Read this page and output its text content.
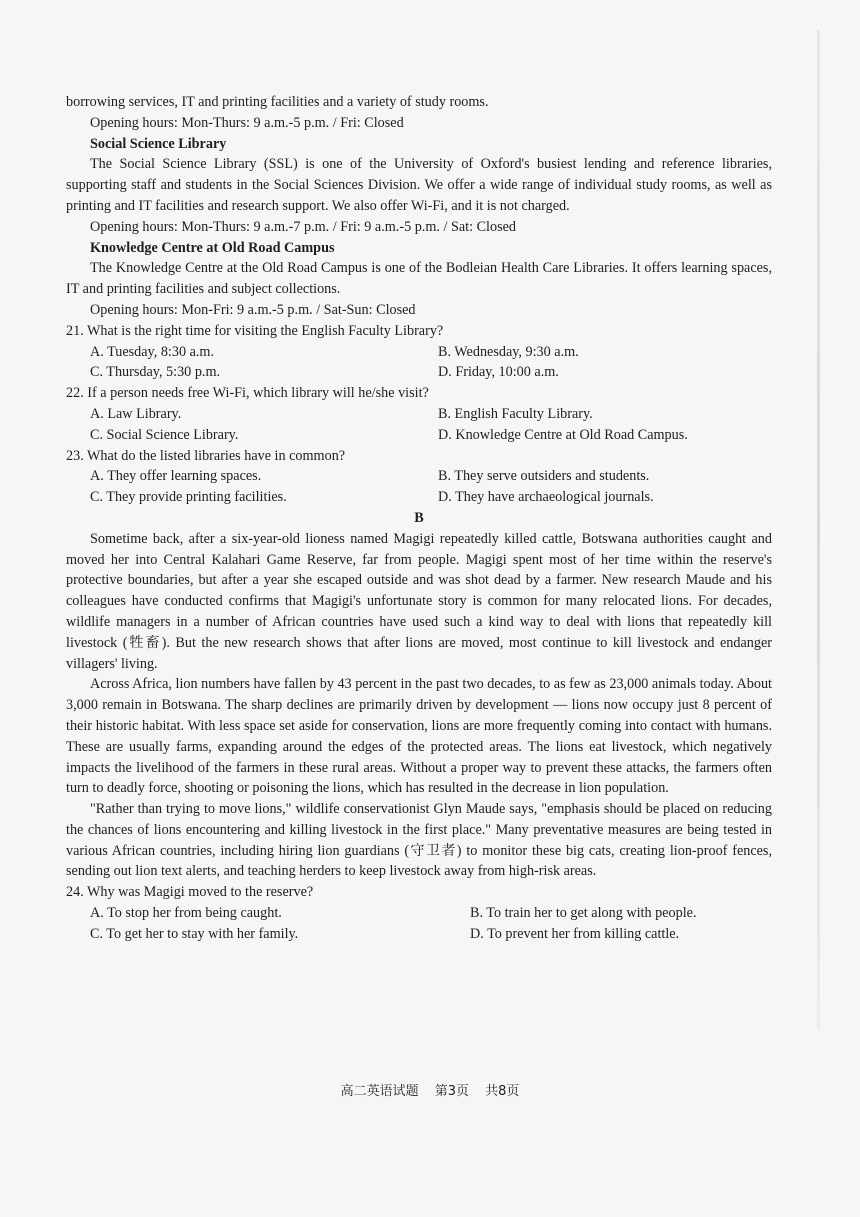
borrowing services, IT and printing facilities and a variety of study rooms.

Opening hours: Mon-Thurs: 9 a.m.-5 p.m. / Fri: Closed

Social Science Library

The Social Science Library (SSL) is one of the University of Oxford's busiest lending and reference libraries, supporting staff and students in the Social Sciences Division. We offer a wide range of individual study rooms, as well as printing and IT facilities and research support. We also offer Wi-Fi, and it is not charged.

Opening hours: Mon-Thurs: 9 a.m.-7 p.m. / Fri: 9 a.m.-5 p.m. / Sat: Closed

Knowledge Centre at Old Road Campus

The Knowledge Centre at the Old Road Campus is one of the Bodleian Health Care Libraries. It offers learning spaces, IT and printing facilities and subject collections.

Opening hours: Mon-Fri: 9 a.m.-5 p.m. / Sat-Sun: Closed

21. What is the right time for visiting the English Faculty Library?

A. Tuesday, 8:30 a.m.	B. Wednesday, 9:30 a.m.
C. Thursday, 5:30 p.m.	D. Friday, 10:00 a.m.

22. If a person needs free Wi-Fi, which library will he/she visit?

A. Law Library.	B. English Faculty Library.
C. Social Science Library.	D. Knowledge Centre at Old Road Campus.

23. What do the listed libraries have in common?

A. They offer learning spaces.	B. They serve outsiders and students.
C. They provide printing facilities.	D. They have archaeological journals.

B

Sometime back, after a six-year-old lioness named Magigi repeatedly killed cattle, Botswana authorities caught and moved her into Central Kalahari Game Reserve, far from people. Magigi spent most of her time within the reserve's protective boundaries, but after a year she escaped outside and was shot dead by a farmer. New research Maude and his colleagues have conducted confirms that Magigi's unfortunate story is common for many relocated lions. For decades, wildlife managers in a number of African countries have used such a kind way to deal with lions that repeatedly kill livestock (牲畜). But the new research shows that after lions are moved, most continue to kill livestock and endanger villagers' living.

Across Africa, lion numbers have fallen by 43 percent in the past two decades, to as few as 23,000 animals today. About 3,000 remain in Botswana. The sharp declines are primarily driven by development — lions now occupy just 8 percent of their historic habitat. With less space set aside for conservation, lions are more frequently coming into contact with humans. These are usually farms, expanding around the edges of the protected areas. The lions eat livestock, which negatively impacts the livelihood of the farmers in these rural areas. Without a proper way to prevent these attacks, the farmers often turn to deadly force, shooting or poisoning the lions, which has resulted in the decrease in lion population.

"Rather than trying to move lions," wildlife conservationist Glyn Maude says, "emphasis should be placed on reducing the chances of lions encountering and killing livestock in the first place." Many preventative measures are being tested in various African countries, including hiring lion guardians (守卫者) to monitor these big cats, creating lion-proof fences, sending out lion text alerts, and teaching herders to keep livestock away from high-risk areas.

24. Why was Magigi moved to the reserve?

A. To stop her from being caught.	B. To train her to get along with people.
C. To get her to stay with her family.	D. To prevent her from killing cattle.
高二英语试题 第3页 共8页
